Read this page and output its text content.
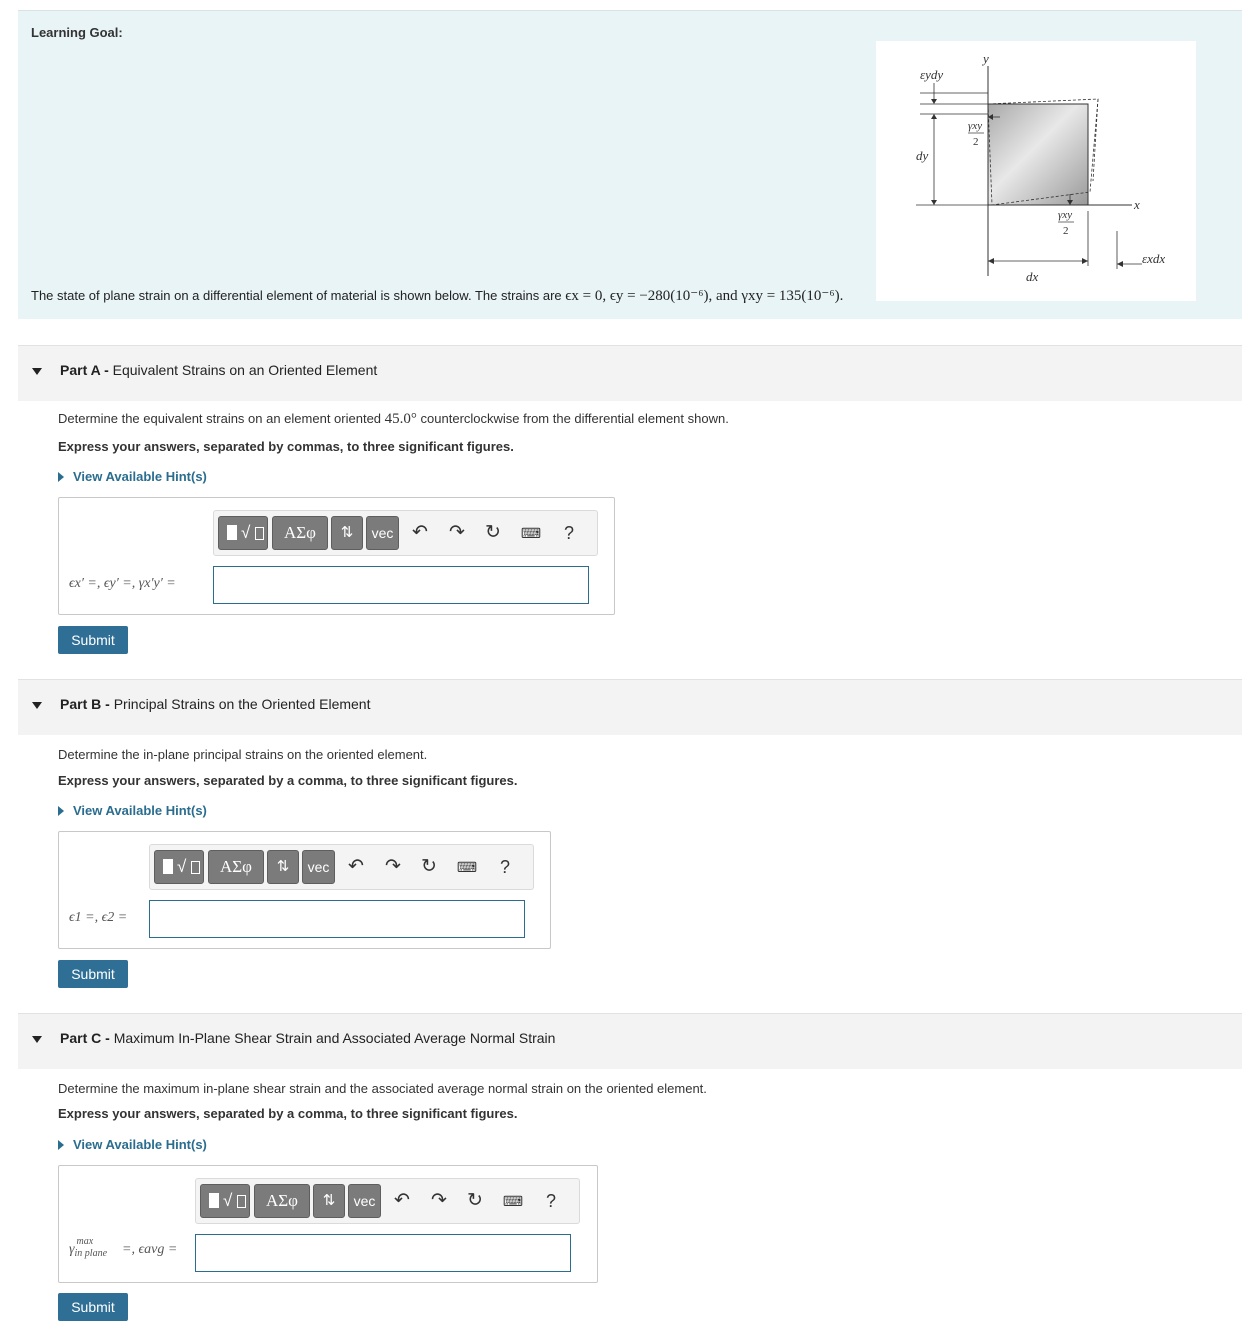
Learning Goal:
y
x
εydy
dy
dx
εxdx
γxy
2
γxy
2
The state of plane strain on a differential element of material is shown below. The strains are ϵx = 0, ϵy = −280(10⁻⁶), and γxy = 135(10⁻⁶).
Part A - Equivalent Strains on an Oriented Element
Determine the equivalent strains on an element oriented 45.0° counterclockwise from the differential element shown.
Express your answers, separated by commas, to three significant figures.
View Available Hint(s)
√	ΑΣφ	⇅	vec ↶	↷	↻	⌨	?
ϵx′ =, ϵy′ =, γx′y′ =
Submit
Part B - Principal Strains on the Oriented Element
Determine the in-plane principal strains on the oriented element.
Express your answers, separated by a comma, to three significant figures.
View Available Hint(s)
√	ΑΣφ	⇅	vec ↶	↷	↻	⌨	?
ϵ1 =, ϵ2 =
Submit
Part C - Maximum In-Plane Shear Strain and Associated Average Normal Strain
Determine the maximum in-plane shear strain and the associated average normal strain on the oriented element.
Express your answers, separated by a comma, to three significant figures.
View Available Hint(s)
√	ΑΣφ	⇅	vec ↶	↷	↻	⌨	?
γ
max
in plane =, ϵavg =
Submit
